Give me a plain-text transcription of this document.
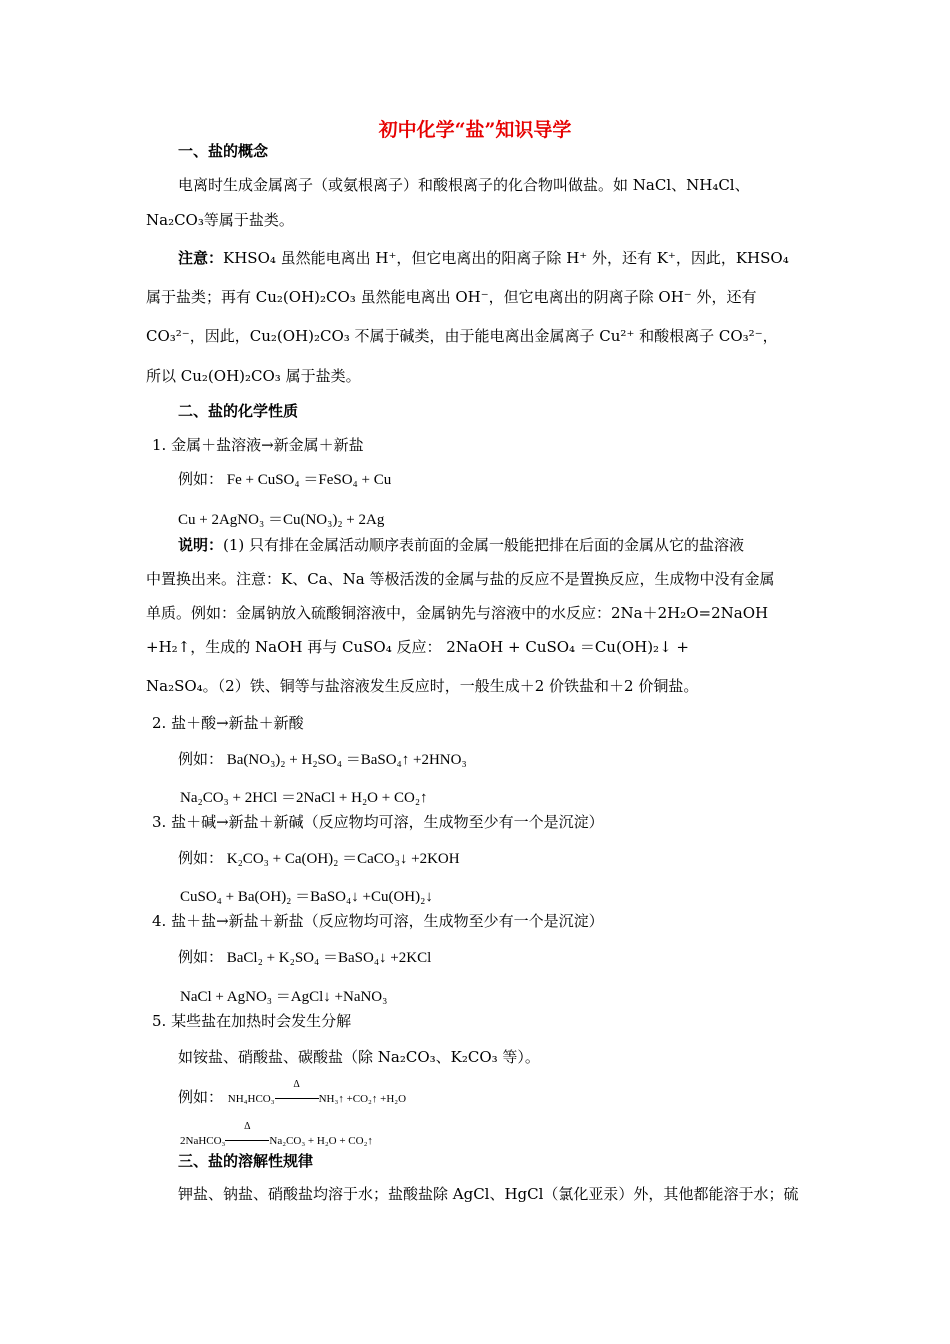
初中化学“盐”知识导学
一、盐的概念
电离时生成金属离子（或氨根离子）和酸根离子的化合物叫做盐。如 NaCl、NH₄Cl、
Na₂CO₃等属于盐类。
注意：KHSO₄ 虽然能电离出 H⁺，但它电离出的阳离子除 H⁺ 外，还有 K⁺，因此，KHSO₄
属于盐类；再有 Cu₂(OH)₂CO₃ 虽然能电离出 OH⁻，但它电离出的阴离子除 OH⁻ 外，还有
CO₃²⁻，因此，Cu₂(OH)₂CO₃ 不属于碱类，由于能电离出金属离子 Cu²⁺ 和酸根离子 CO₃²⁻，
所以 Cu₂(OH)₂CO₃ 属于盐类。
二、盐的化学性质
1. 金属＋盐溶液→新金属＋新盐
例如： Fe + CuSO₄ ＝FeSO₄ + Cu
Cu + 2AgNO₃ ＝Cu(NO₃)₂ + 2Ag
说明：(1) 只有排在金属活动顺序表前面的金属一般能把排在后面的金属从它的盐溶液
中置换出来。注意：K、Ca、Na 等极活泼的金属与盐的反应不是置换反应，生成物中没有金属
单质。例如：金属钠放入硫酸铜溶液中，金属钠先与溶液中的水反应：2Na＋2H₂O=2NaOH
+H₂↑，生成的 NaOH 再与 CuSO₄ 反应： 2NaOH + CuSO₄ ＝Cu(OH)₂↓ +
Na₂SO₄。（2）铁、铜等与盐溶液发生反应时，一般生成＋2 价铁盐和＋2 价铜盐。
2. 盐＋酸→新盐＋新酸
例如： Ba(NO₃)₂ + H₂SO₄ ＝BaSO₄↑ +2HNO₃
Na₂CO₃ + 2HCl ＝2NaCl + H₂O + CO₂↑
3. 盐＋碱→新盐＋新碱（反应物均可溶，生成物至少有一个是沉淀）
例如： K₂CO₃ + Ca(OH)₂ ＝CaCO₃↓ +2KOH
CuSO₄ + Ba(OH)₂ ＝BaSO₄↓ +Cu(OH)₂↓
4. 盐＋盐→新盐＋新盐（反应物均可溶，生成物至少有一个是沉淀）
例如： BaCl₂ + K₂SO₄ ＝BaSO₄↓ +2KCl
NaCl + AgNO₃ ＝AgCl↓ +NaNO₃
5. 某些盐在加热时会发生分解
如铵盐、硝酸盐、碳酸盐（除 Na₂CO₃、K₂CO₃ 等）。
例如： NH₄HCO₃
Δ
NH₃↑ +CO₂↑ +H₂O
2NaHCO₃
Δ
Na₂CO₃ + H₂O + CO₂↑
三、盐的溶解性规律
钾盐、钠盐、硝酸盐均溶于水；盐酸盐除 AgCl、HgCl（氯化亚汞）外，其他都能溶于水；硫
